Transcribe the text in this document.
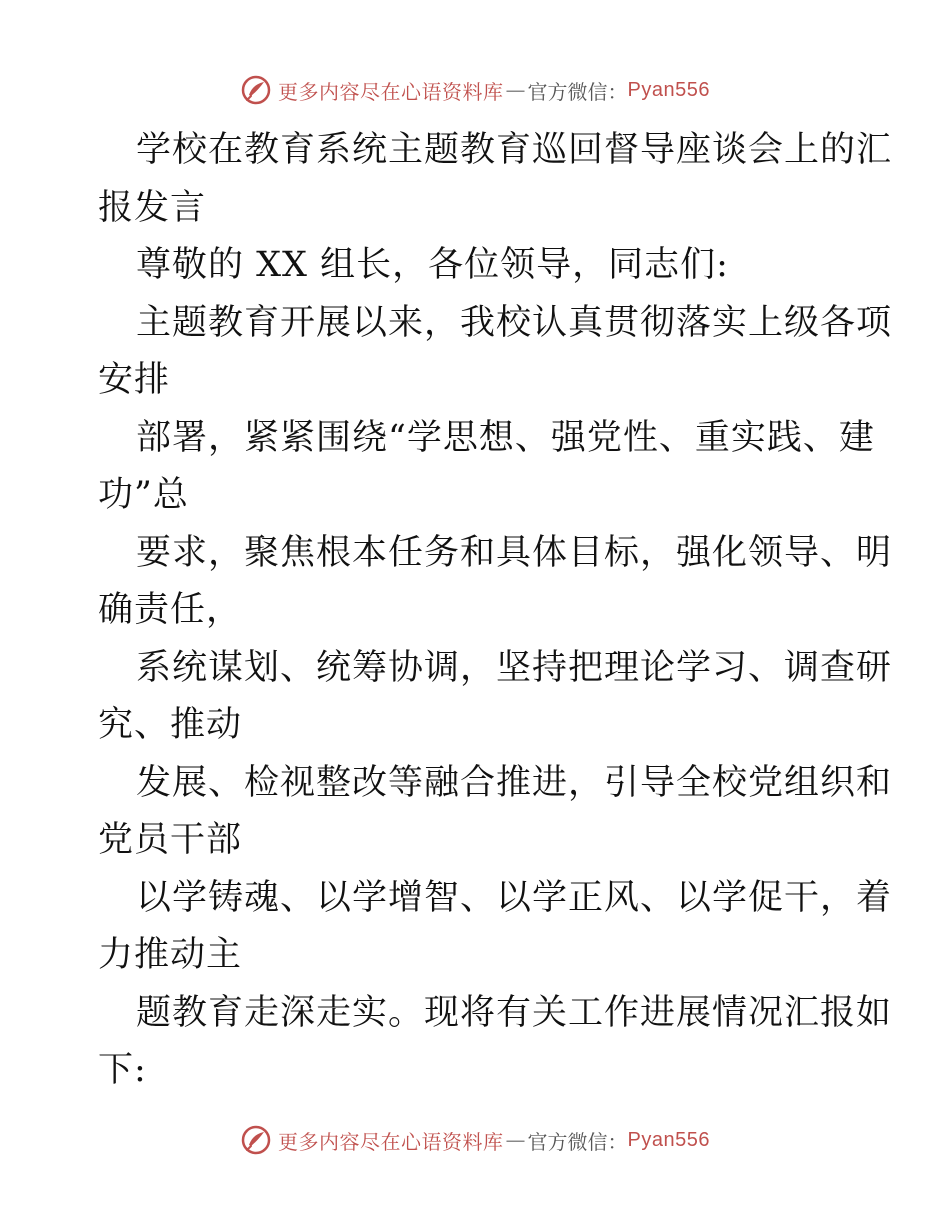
更多内容尽在心语资料库 — 官方微信： Pyan556
学校在教育系统主题教育巡回督导座谈会上的汇
报发言
尊敬的 XX 组长，各位领导，同志们:
主题教育开展以来，我校认真贯彻落实上级各项
安排
部署，紧紧围绕“学思想、强党性、重实践、建
功”总
要求，聚焦根本任务和具体目标，强化领导、明
确责任，
系统谋划、统筹协调，坚持把理论学习、调查研
究、推动
发展、检视整改等融合推进，引导全校党组织和
党员干部
以学铸魂、以学增智、以学正风、以学促干，着
力推动主
题教育走深走实。现将有关工作进展情况汇报如
下:
更多内容尽在心语资料库 — 官方微信： Pyan556
